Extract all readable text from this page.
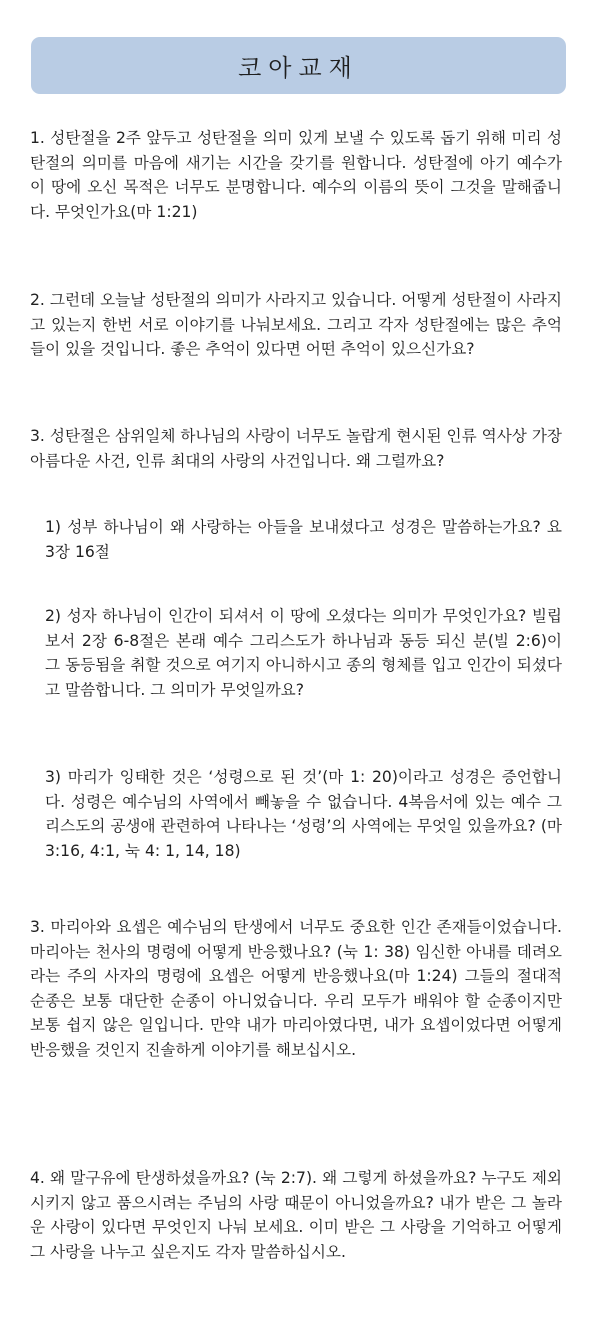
코아교재

1. 성탄절을 2주 앞두고 성탄절을 의미 있게 보낼 수 있도록 돕기 위해 미리 성탄절의 의미를 마음에 새기는 시간을 갖기를 원합니다. 성탄절에 아기 예수가 이 땅에 오신 목적은 너무도 분명합니다. 예수의 이름의 뜻이 그것을 말해줍니다. 무엇인가요(마 1:21)

2. 그런데 오늘날 성탄절의 의미가 사라지고 있습니다. 어떻게 성탄절이 사라지고 있는지 한번 서로 이야기를 나눠보세요. 그리고 각자 성탄절에는 많은 추억들이 있을 것입니다. 좋은 추억이 있다면 어떤 추억이 있으신가요?

3. 성탄절은 삼위일체 하나님의 사랑이 너무도 놀랍게 현시된 인류 역사상 가장 아름다운 사건, 인류 최대의 사랑의 사건입니다. 왜 그럴까요?

1) 성부 하나님이 왜 사랑하는 아들을 보내셨다고 성경은 말씀하는가요? 요 3장 16절

2) 성자 하나님이 인간이 되셔서 이 땅에 오셨다는 의미가 무엇인가요? 빌립보서 2장 6-8절은 본래 예수 그리스도가 하나님과 동등 되신 분(빌 2:6)이 그 동등됨을 취할 것으로 여기지 아니하시고 종의 형체를 입고 인간이 되셨다고 말씀합니다. 그 의미가 무엇일까요?

3) 마리가 잉태한 것은 ‘성령으로 된 것’(마 1: 20)이라고 성경은 증언합니다. 성령은 예수님의 사역에서 빼놓을 수 없습니다. 4복음서에 있는 예수 그리스도의 공생애 관련하여 나타나는 ‘성령’의 사역에는 무엇일 있을까요? (마 3:16, 4:1, 눅 4: 1, 14, 18)

3. 마리아와 요셉은 예수님의 탄생에서 너무도 중요한 인간 존재들이었습니다. 마리아는 천사의 명령에 어떻게 반응했나요? (눅 1: 38) 임신한 아내를 데려오라는 주의 사자의 명령에 요셉은 어떻게 반응했나요(마 1:24) 그들의 절대적 순종은 보통 대단한 순종이 아니었습니다. 우리 모두가 배워야 할 순종이지만 보통 쉽지 않은 일입니다. 만약 내가 마리아였다면, 내가 요셉이었다면 어떻게 반응했을 것인지 진솔하게 이야기를 해보십시오.

4. 왜 말구유에 탄생하셨을까요? (눅 2:7). 왜 그렇게 하셨을까요? 누구도 제외시키지 않고 품으시려는 주님의 사랑 때문이 아니었을까요? 내가 받은 그 놀라운 사랑이 있다면 무엇인지 나눠 보세요. 이미 받은 그 사랑을 기억하고 어떻게 그 사랑을 나누고 싶은지도 각자 말씀하십시오.
